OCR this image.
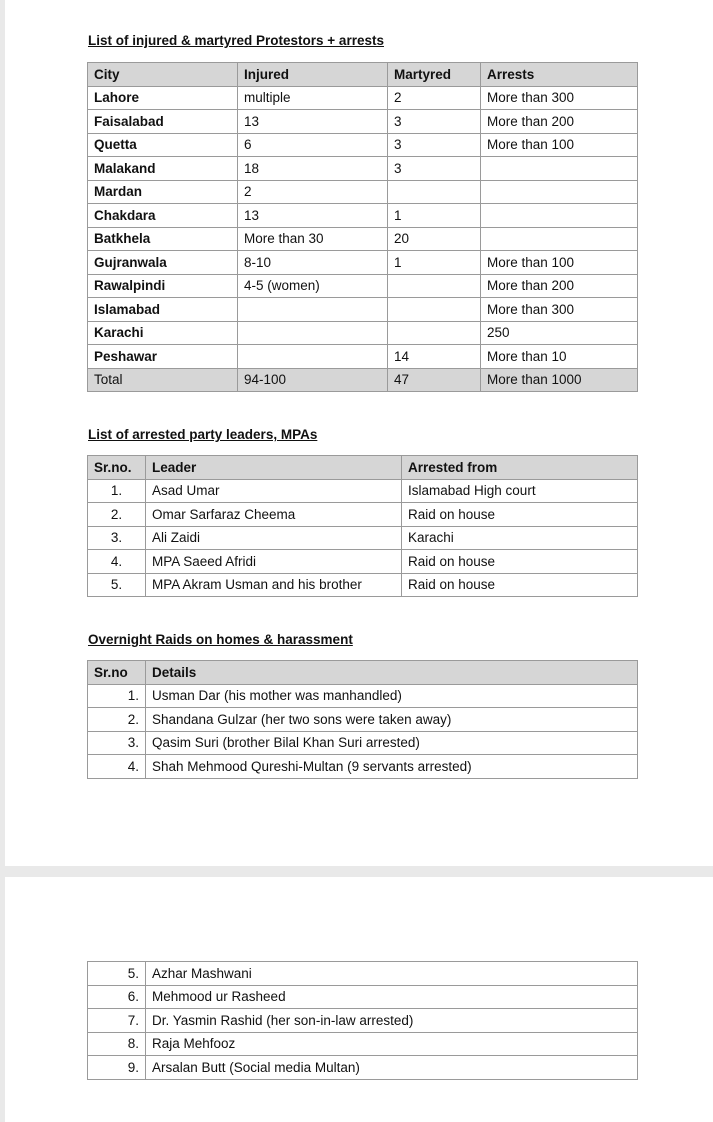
List of injured & martyred Protestors + arrests
City	Injured	Martyred	Arrests
Lahore	multiple	2	More than 300
Faisalabad	13	3	More than 200
Quetta	6	3	More than 100
Malakand	18	3	
Mardan	2		
Chakdara	13	1	
Batkhela	More than 30	20	
Gujranwala	8-10	1	More than 100
Rawalpindi	4-5 (women)		More than 200
Islamabad			More than 300
Karachi			250
Peshawar		14	More than 10
Total	94-100	47	More than 1000
List of arrested party leaders, MPAs
Sr.no.	Leader	Arrested from
1.	Asad Umar	Islamabad High court
2.	Omar Sarfaraz Cheema	Raid on house
3.	Ali Zaidi	Karachi
4.	MPA Saeed Afridi	Raid on house
5.	MPA Akram Usman and his brother	Raid on house
Overnight Raids on homes & harassment
Sr.no	Details
1.	Usman Dar (his mother was manhandled)
2.	Shandana Gulzar (her two sons were taken away)
3.	Qasim Suri (brother Bilal Khan Suri arrested)
4.	Shah Mehmood Qureshi-Multan (9 servants arrested)
5.	Azhar Mashwani
6.	Mehmood ur Rasheed
7.	Dr. Yasmin Rashid (her son-in-law arrested)
8.	Raja Mehfooz
9.	Arsalan Butt (Social media Multan)
